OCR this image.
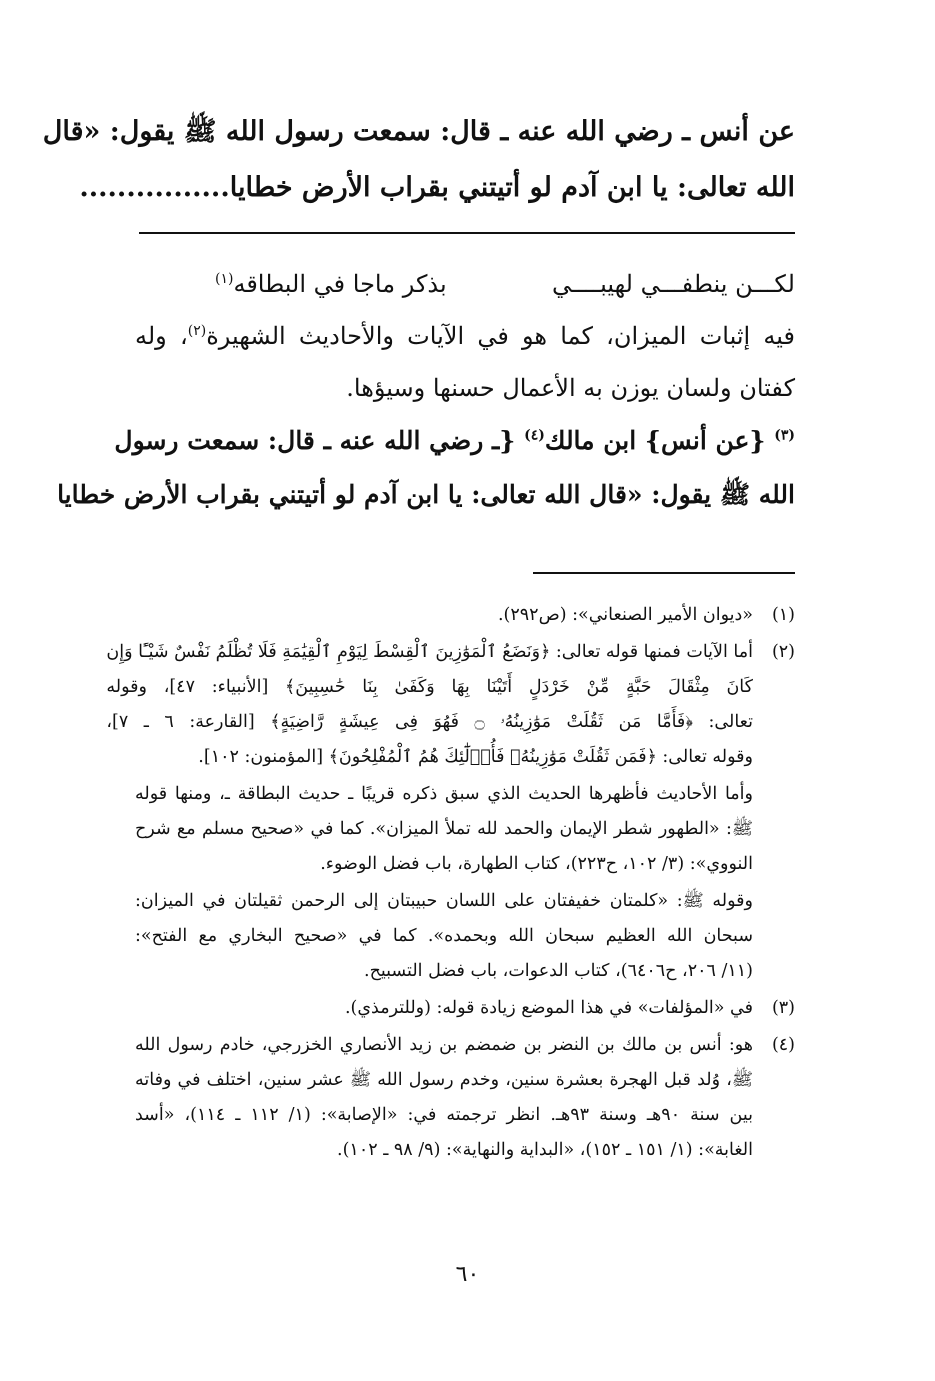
عن أنس ـ رضي الله عنه ـ قال: سمعت رسول الله ﷺ يقول: «قال
الله تعالى: يا ابن آدم لو أتيتني بقراب الأرض خطايا................
لكـــن ينطفـــي لهيبــــي
بذكر ماجا في البطاقه$^{(١)}$
فيه إثبات الميزان، كما هو في الآيات والأحاديث الشهيرة$^{(٢)}$، وله
كفتان ولسان يوزن به الأعمال حسنها وسيؤها.
$^{(٣)}$ {عن أنس} ابن مالك$^{(٤)}$ {ـ رضي الله عنه ـ قال: سمعت رسول
الله ﷺ يقول: «قال الله تعالى: يا ابن آدم لو أتيتني بقراب الأرض خطايا
(١)
«ديوان الأمير الصنعاني»: (ص٢٩٢).
(٢)
أما الآيات فمنها قوله تعالى: ﴿وَنَضَعُ ٱلْمَوَٰزِينَ ٱلْقِسْطَ لِيَوْمِ ٱلْقِيَٰمَةِ فَلَا تُظْلَمُ نَفْسٌ شَيْـًٔا وَإِن
كَانَ مِثْقَالَ حَبَّةٍ مِّنْ خَرْدَلٍ أَتَيْنَا بِهَا وَكَفَىٰ بِنَا حَٰسِبِينَ﴾ [الأنبياء: ٤٧]، وقوله
تعالى: ﴿فَأَمَّا مَن ثَقُلَتْ مَوَٰزِينُهُۥ ۝ فَهُوَ فِى عِيشَةٍ رَّاضِيَةٍ﴾ [القارعة: ٦ ـ ٧]،
وقوله تعالى: ﴿فَمَن ثَقُلَتْ مَوَٰزِينُهُۥ فَأُو۟لَٰٓئِكَ هُمُ ٱلْمُفْلِحُونَ﴾ [المؤمنون: ١٠٢].
وأما الأحاديث فأظهرها الحديث الذي سبق ذكره قريبًا ـ حديث البطاقة ـ، ومنها قوله
ﷺ: «الطهور شطر الإيمان والحمد لله تملأ الميزان». كما في «صحيح مسلم مع شرح
النووي»: (٣/ ١٠٢، ح٢٢٣)، كتاب الطهارة، باب فضل الوضوء.
وقوله ﷺ: «كلمتان خفيفتان على اللسان حبيبتان إلى الرحمن ثقيلتان في الميزان:
سبحان الله العظيم سبحان الله وبحمده». كما في «صحيح البخاري مع الفتح»:
(١١/ ٢٠٦، ح٦٤٠٦)، كتاب الدعوات، باب فضل التسبيح.
(٣)
في «المؤلفات» في هذا الموضع زيادة قوله: (وللترمذي).
(٤)
هو: أنس بن مالك بن النضر بن ضمضم بن زيد الأنصاري الخزرجي، خادم رسول الله
ﷺ، وُلد قبل الهجرة بعشرة سنين، وخدم رسول الله ﷺ عشر سنين، اختلف في وفاته
بين سنة ٩٠هـ وسنة ٩٣هـ. انظر ترجمته في: «الإصابة»: (١/ ١١٢ ـ ١١٤)، «أسد
الغابة»: (١/ ١٥١ ـ ١٥٢)، «البداية والنهاية»: (٩/ ٩٨ ـ ١٠٢).
٦٠
